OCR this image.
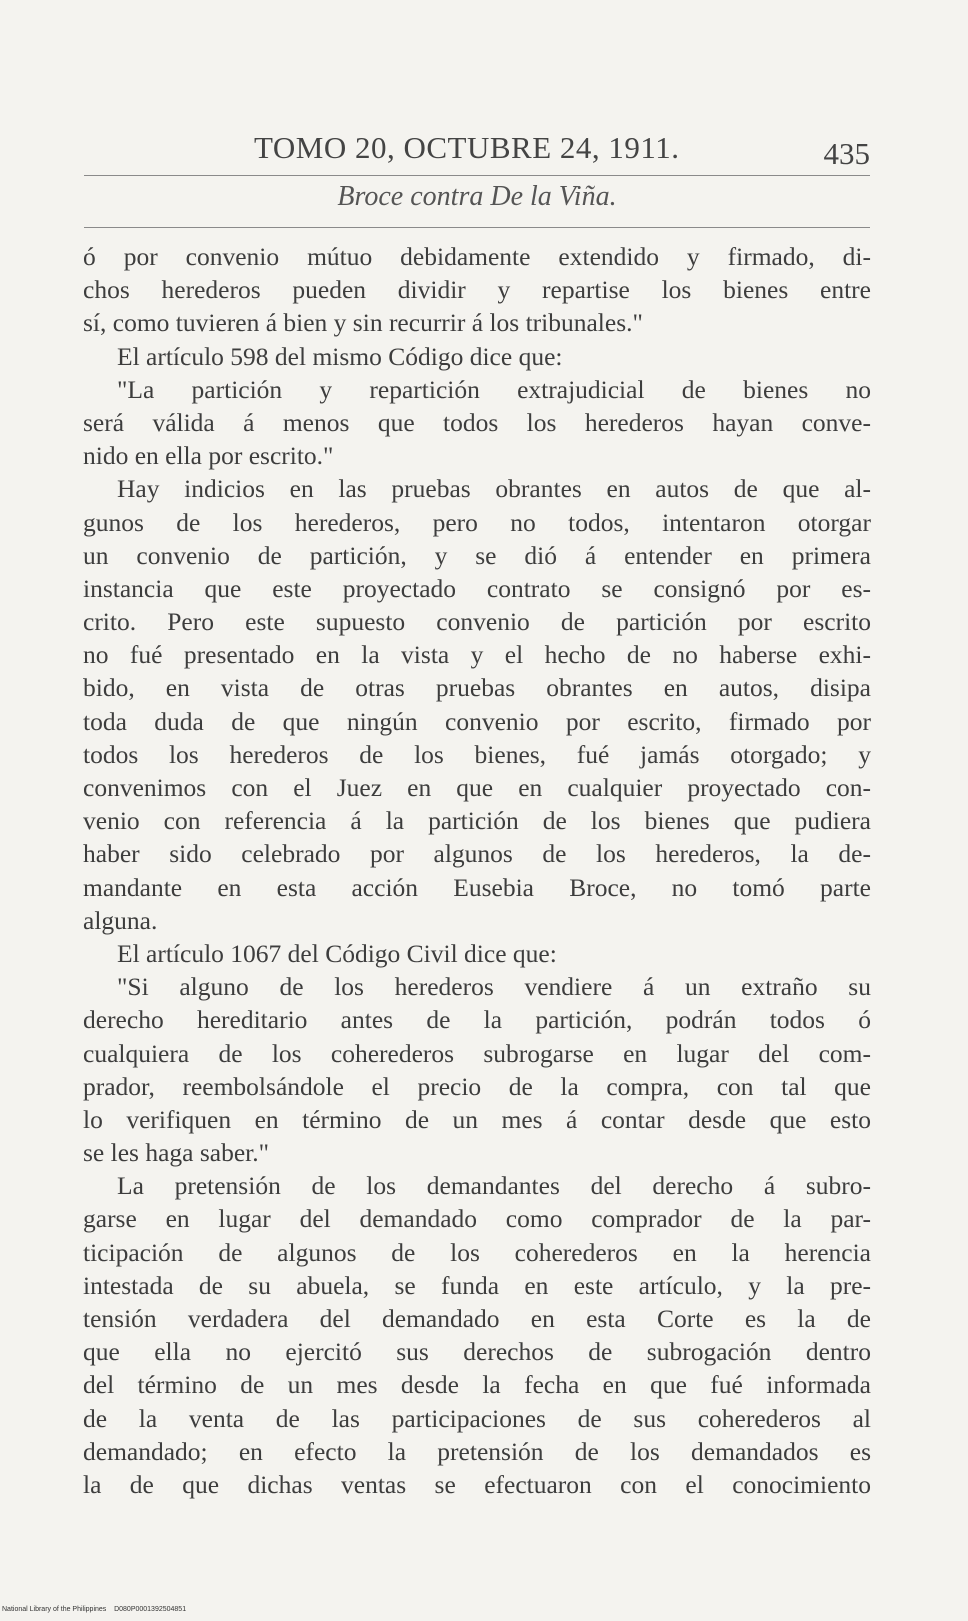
TOMO 20, OCTUBRE 24, 1911.	435
Broce contra De la Viña.
ó por convenio mútuo debidamente extendido y firmado, di-
chos herederos pueden dividir y repartise los bienes entre
sí, como tuvieren á bien y sin recurrir á los tribunales."
El artículo 598 del mismo Código dice que:
"La partición y repartición extrajudicial de bienes no
será válida á menos que todos los herederos hayan conve-
nido en ella por escrito."
Hay indicios en las pruebas obrantes en autos de que al-
gunos de los herederos, pero no todos, intentaron otorgar
un convenio de partición, y se dió á entender en primera
instancia que este proyectado contrato se consignó por es-
crito. Pero este supuesto convenio de partición por escrito
no fué presentado en la vista y el hecho de no haberse exhi-
bido, en vista de otras pruebas obrantes en autos, disipa
toda duda de que ningún convenio por escrito, firmado por
todos los herederos de los bienes, fué jamás otorgado; y
convenimos con el Juez en que en cualquier proyectado con-
venio con referencia á la partición de los bienes que pudiera
haber sido celebrado por algunos de los herederos, la de-
mandante en esta acción Eusebia Broce, no tomó parte
alguna.
El artículo 1067 del Código Civil dice que:
"Si alguno de los herederos vendiere á un extraño su
derecho hereditario antes de la partición, podrán todos ó
cualquiera de los coherederos subrogarse en lugar del com-
prador, reembolsándole el precio de la compra, con tal que
lo verifiquen en término de un mes á contar desde que esto
se les haga saber."
La pretensión de los demandantes del derecho á subro-
garse en lugar del demandado como comprador de la par-
ticipación de algunos de los coherederos en la herencia
intestada de su abuela, se funda en este artículo, y la pre-
tensión verdadera del demandado en esta Corte es la de
que ella no ejercitó sus derechos de subrogación dentro
del término de un mes desde la fecha en que fué informada
de la venta de las participaciones de sus coherederos al
demandado; en efecto la pretensión de los demandados es
la de que dichas ventas se efectuaron con el conocimiento
National Library of the Philippines D080P0001392504851
